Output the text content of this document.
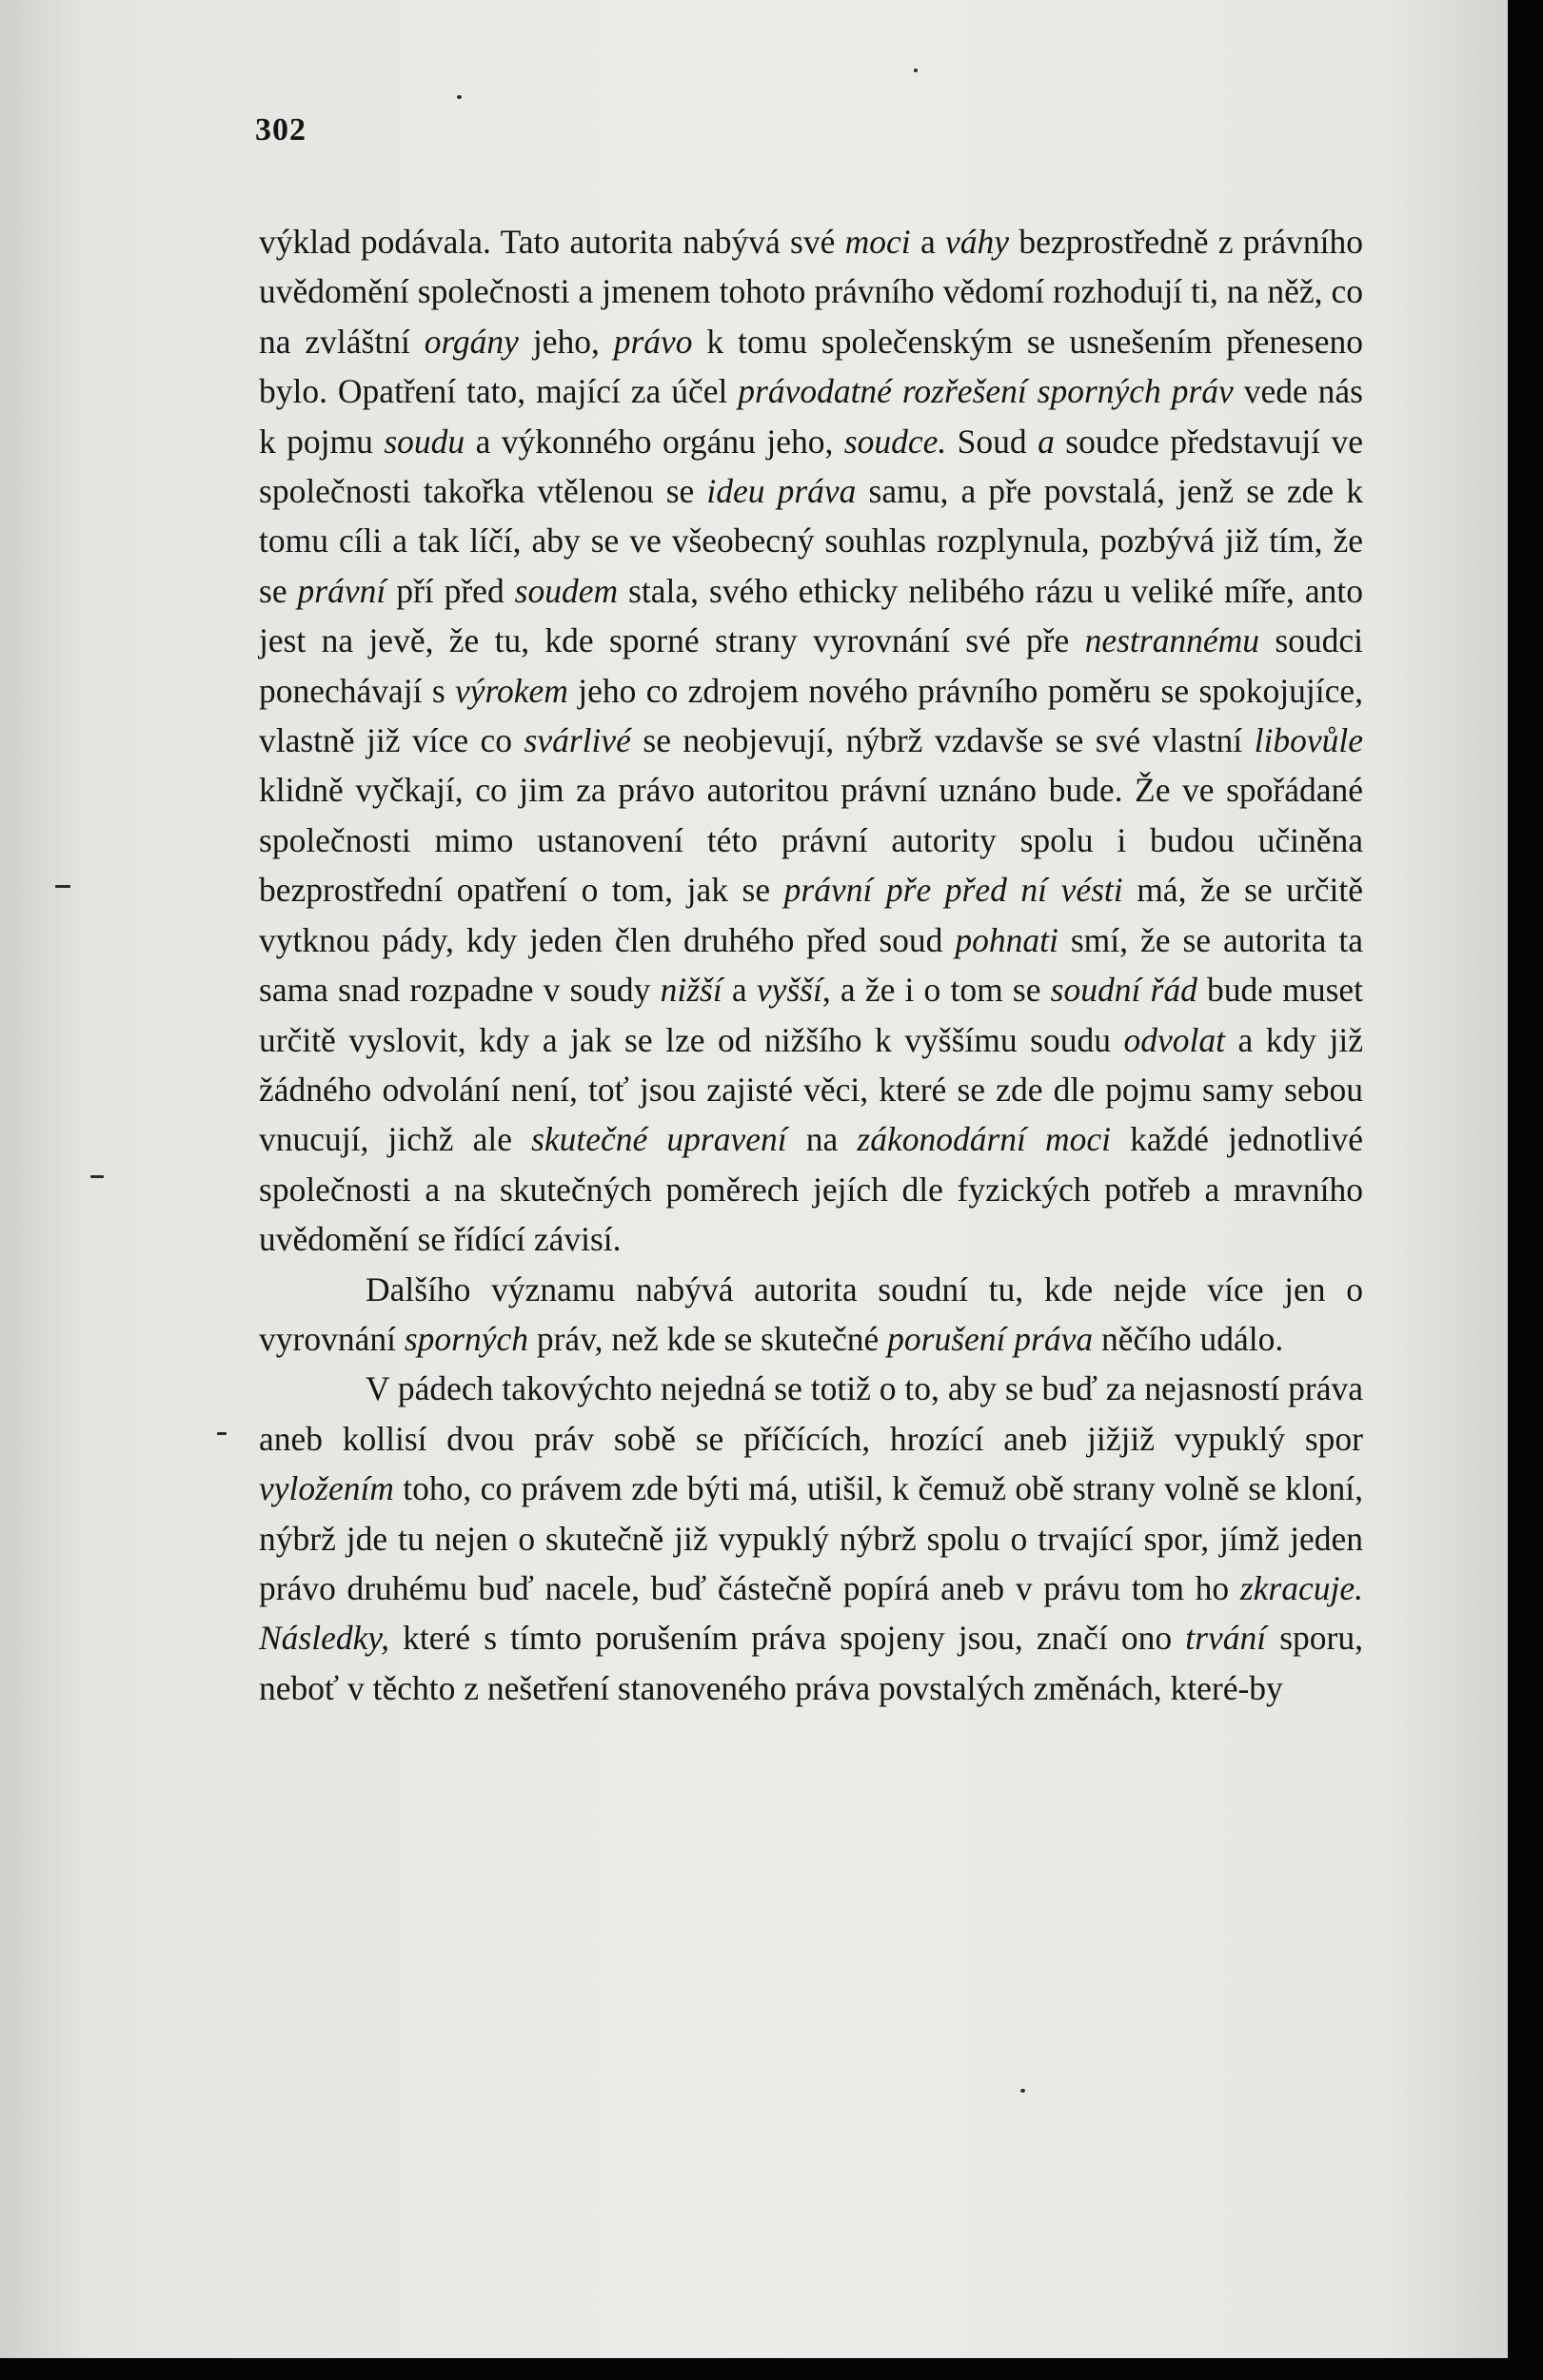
302

výklad podávala. Tato autorita nabývá své moci a váhy bezprostředně z právního uvědomění společnosti a jmenem tohoto právního vědomí rozhodují ti, na něž, co na zvláštní orgány jeho, právo k tomu společenským se usnešením přeneseno bylo. Opatření tato, mající za účel právodatné rozřešení sporných práv vede nás k pojmu soudu a výkonného orgánu jeho, soudce. Soud a soudce představují ve společnosti takořka vtělenou se ideu práva samu, a pře povstalá, jenž se zde k tomu cíli a tak líčí, aby se ve všeobecný souhlas rozplynula, pozbývá již tím, že se právní pří před soudem stala, svého ethicky nelibého rázu u veliké míře, anto jest na jevě, že tu, kde sporné strany vyrovnání své pře nestrannému soudci ponechávají s výrokem jeho co zdrojem nového právního poměru se spokojujíce, vlastně již více co svárlivé se neobjevují, nýbrž vzdavše se své vlastní libovůle klidně vyčkají, co jim za právo autoritou právní uznáno bude. Že ve spořádané společnosti mimo ustanovení této právní autority spolu i budou učiněna bezprostřední opatření o tom, jak se právní pře před ní vésti má, že se určitě vytknou pády, kdy jeden člen druhého před soud pohnati smí, že se autorita ta sama snad rozpadne v soudy nižší a vyšší, a že i o tom se soudní řád bude muset určitě vyslovit, kdy a jak se lze od nižšího k vyššímu soudu odvolat a kdy již žádného odvolání není, toť jsou zajisté věci, které se zde dle pojmu samy sebou vnucují, jichž ale skutečné upravení na zákonodární moci každé jednotlivé společnosti a na skutečných poměrech jejích dle fyzických potřeb a mravního uvědomění se řídící závisí.

Dalšího významu nabývá autorita soudní tu, kde nejde více jen o vyrovnání sporných práv, než kde se skutečné porušení práva něčího událo.

V pádech takovýchto nejedná se totiž o to, aby se buď za nejasností práva aneb kollisí dvou práv sobě se příčících, hrozící aneb jižjiž vypuklý spor vyložením toho, co právem zde býti má, utišil, k čemuž obě strany volně se kloní, nýbrž jde tu nejen o skutečně již vypuklý nýbrž spolu o trvající spor, jímž jeden právo druhému buď nacele, buď částečně popírá aneb v právu tom ho zkracuje. Následky, které s tímto porušením práva spojeny jsou, značí ono trvání sporu, neboť v těchto z nešetření stanoveného práva povstalých změnách, které-by
